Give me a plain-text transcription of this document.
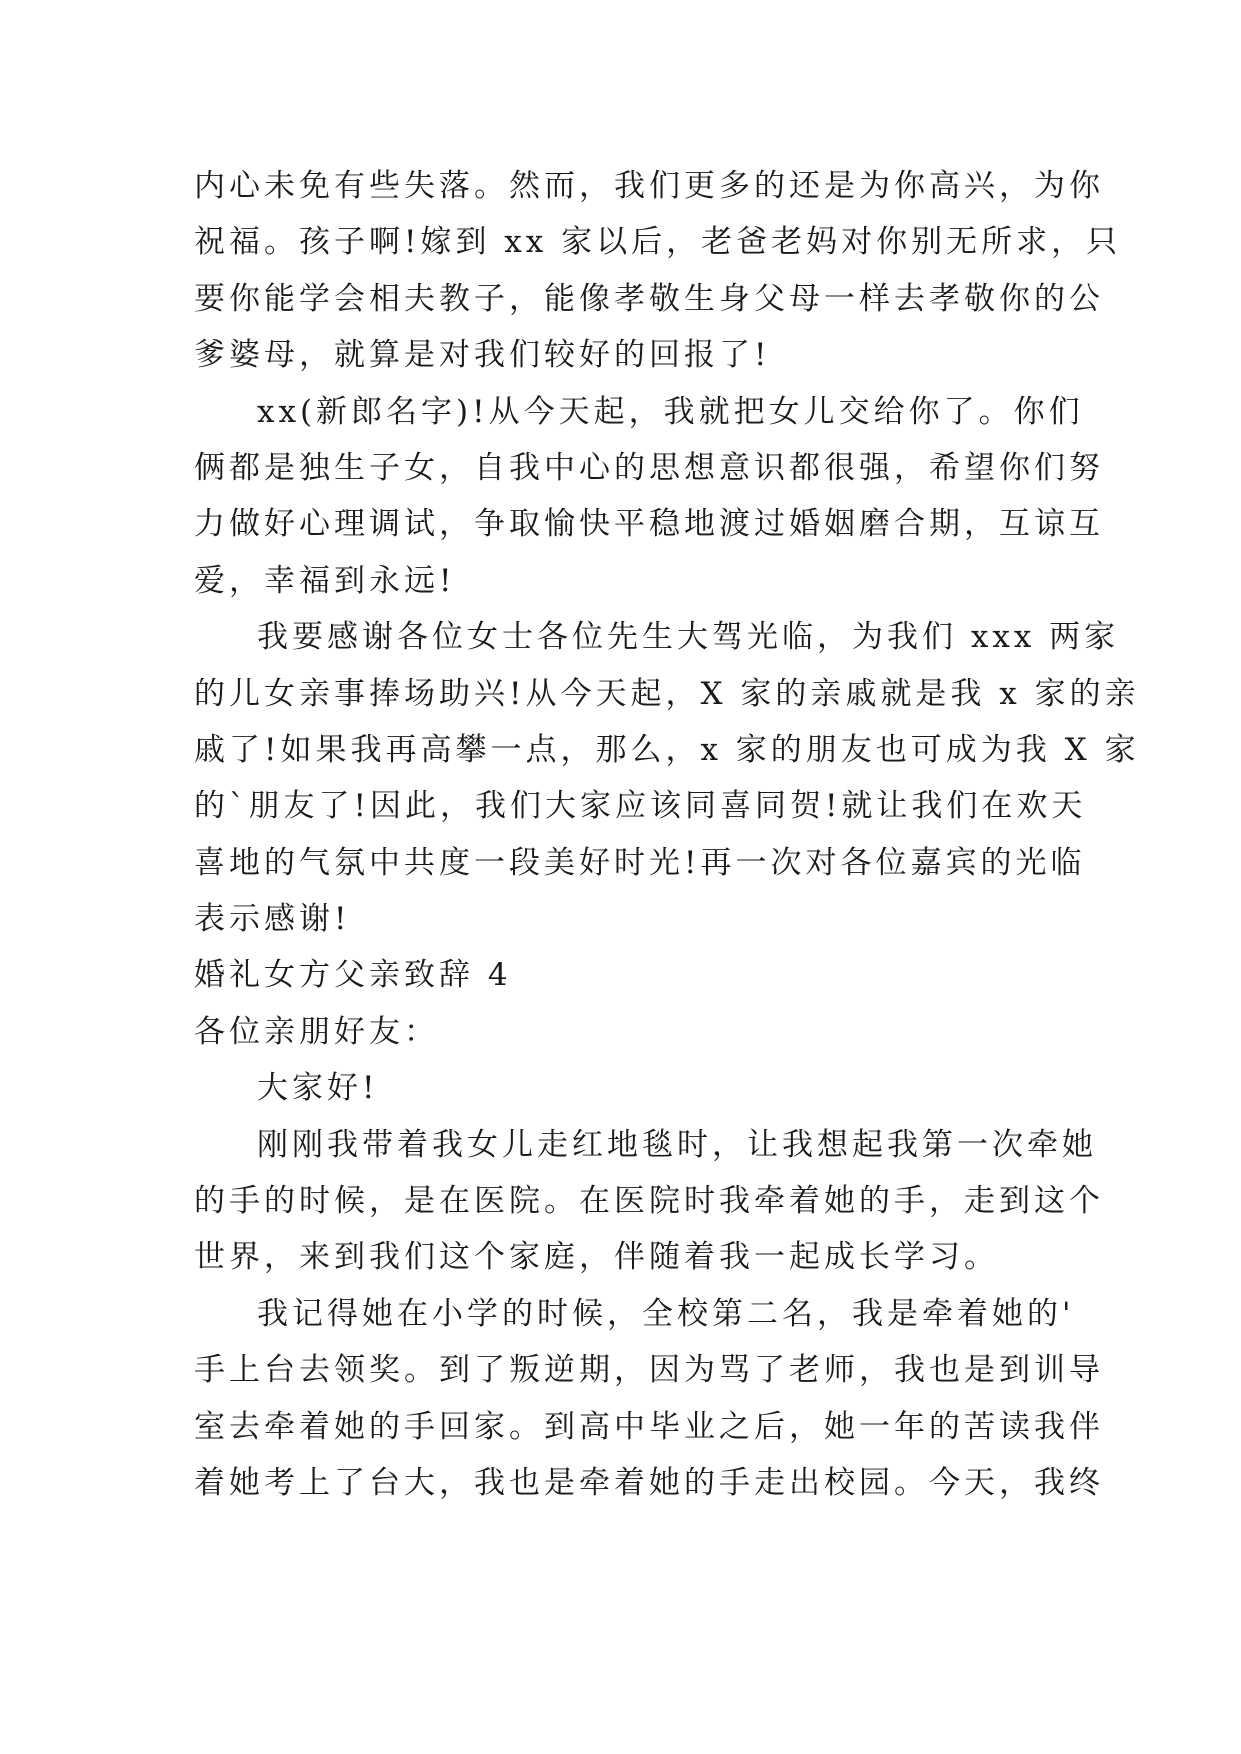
内心未免有些失落。然而，我们更多的还是为你高兴，为你
祝福。孩子啊!嫁到 xx 家以后，老爸老妈对你别无所求，只
要你能学会相夫教子，能像孝敬生身父母一样去孝敬你的公
爹婆母，就算是对我们较好的回报了!
xx(新郎名字)!从今天起，我就把女儿交给你了。你们
俩都是独生子女，自我中心的思想意识都很强，希望你们努
力做好心理调试，争取愉快平稳地渡过婚姻磨合期，互谅互
爱，幸福到永远!
我要感谢各位女士各位先生大驾光临，为我们 xxx 两家
的儿女亲事捧场助兴!从今天起，X 家的亲戚就是我 x 家的亲
戚了!如果我再高攀一点，那么，x 家的朋友也可成为我 X 家
的`朋友了!因此，我们大家应该同喜同贺!就让我们在欢天
喜地的气氛中共度一段美好时光!再一次对各位嘉宾的光临
表示感谢!
婚礼女方父亲致辞 4
各位亲朋好友：
大家好!
刚刚我带着我女儿走红地毯时，让我想起我第一次牵她
的手的时候，是在医院。在医院时我牵着她的手，走到这个
世界，来到我们这个家庭，伴随着我一起成长学习。
我记得她在小学的时候，全校第二名，我是牵着她的'
手上台去领奖。到了叛逆期，因为骂了老师，我也是到训导
室去牵着她的手回家。到高中毕业之后，她一年的苦读我伴
着她考上了台大，我也是牵着她的手走出校园。今天，我终
